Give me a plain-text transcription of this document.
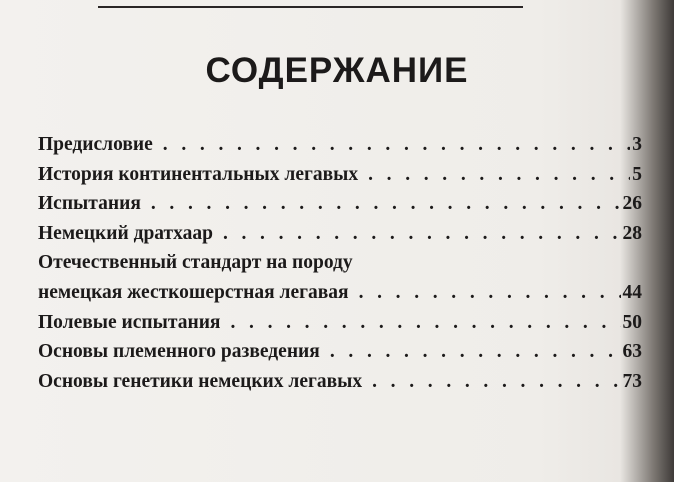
СОДЕРЖАНИЕ
Предисловие . . .	3
История континентальных легавых . . .	5
Испытания . . .	26
Немецкий дратхаар . . .	28
Отечественный стандарт на породу
немецкая жесткошерстная легавая . . .	44
Полевые испытания . . .	50
Основы племенного разведения . . .	63
Основы генетики немецких легавых . . .	73
